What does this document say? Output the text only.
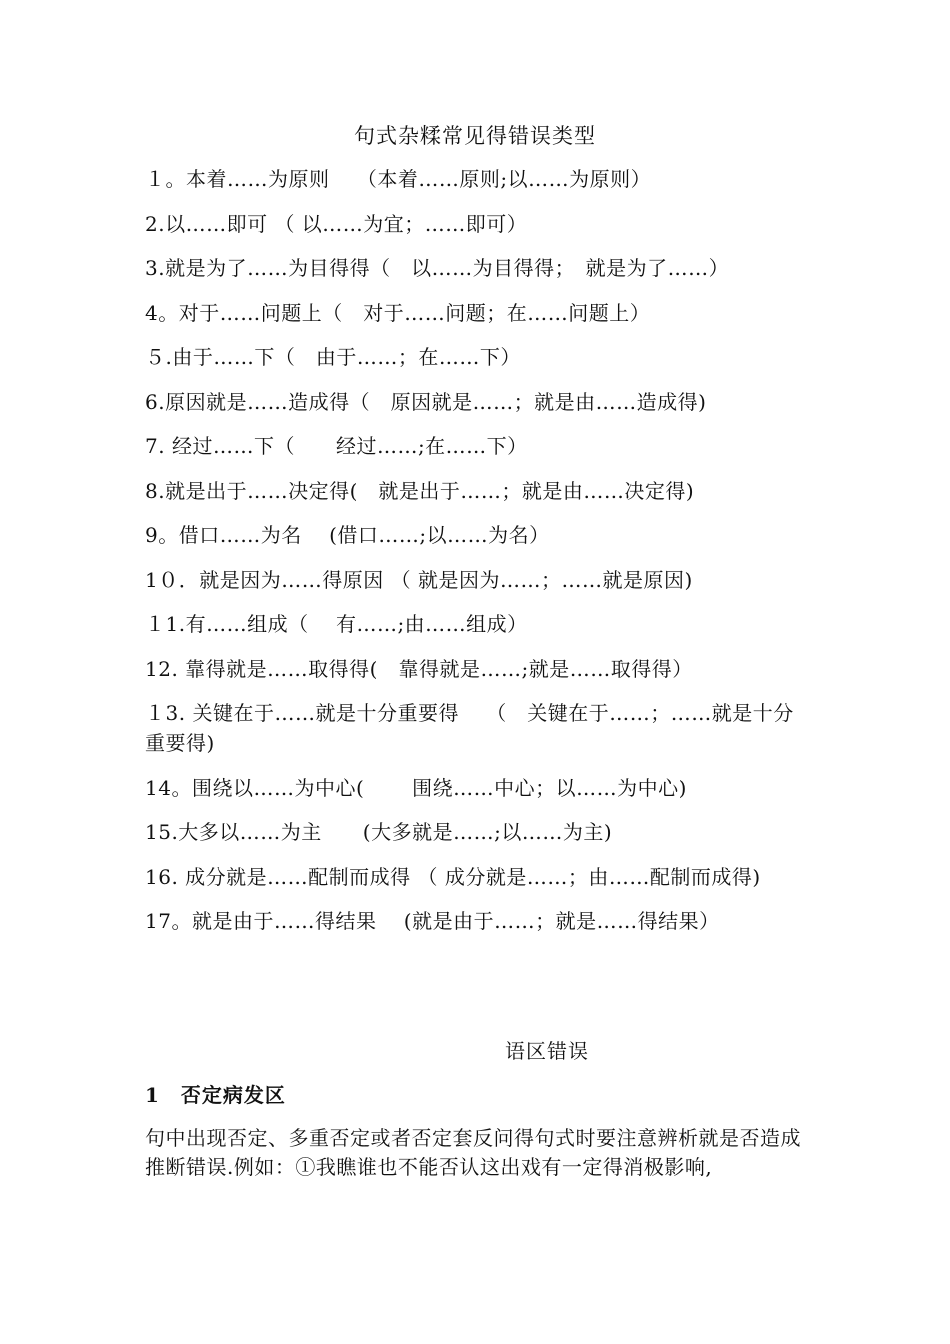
句式杂糅常见得错误类型
１。本着……为原则　 （本着……原则;以……为原则）
2.以……即可 （ 以……为宜；……即可）
3.就是为了……为目得得（　以……为目得得；　就是为了……）
4。对于……问题上（　对于……问题；在……问题上）
５.由于……下（　由于……；在……下）
6.原因就是……造成得（　原因就是……；就是由……造成得)
7. 经过……下（　　经过……;在……下）
8.就是出于……决定得(　就是出于……；就是由……决定得)
9。借口……为名　 (借口……;以……为名）
1０．就是因为……得原因 （ 就是因为……；……就是原因)
１1.有……组成（　 有……;由……组成）
12. 靠得就是……取得得(　靠得就是……;就是……取得得）
１3. 关键在于……就是十分重要得　 （　关键在于……；……就是十分重要得)
14。围绕以……为中心(　　 围绕……中心；以……为中心)
15.大多以……为主　　(大多就是……;以……为主)
16. 成分就是……配制而成得 （ 成分就是……；由……配制而成得)
17。就是由于……得结果　 (就是由于……；就是……得结果）
语区错误
1　否定病发区
句中出现否定、多重否定或者否定套反问得句式时要注意辨析就是否造成推断错误.例如：①我瞧谁也不能否认这出戏有一定得消极影响,
